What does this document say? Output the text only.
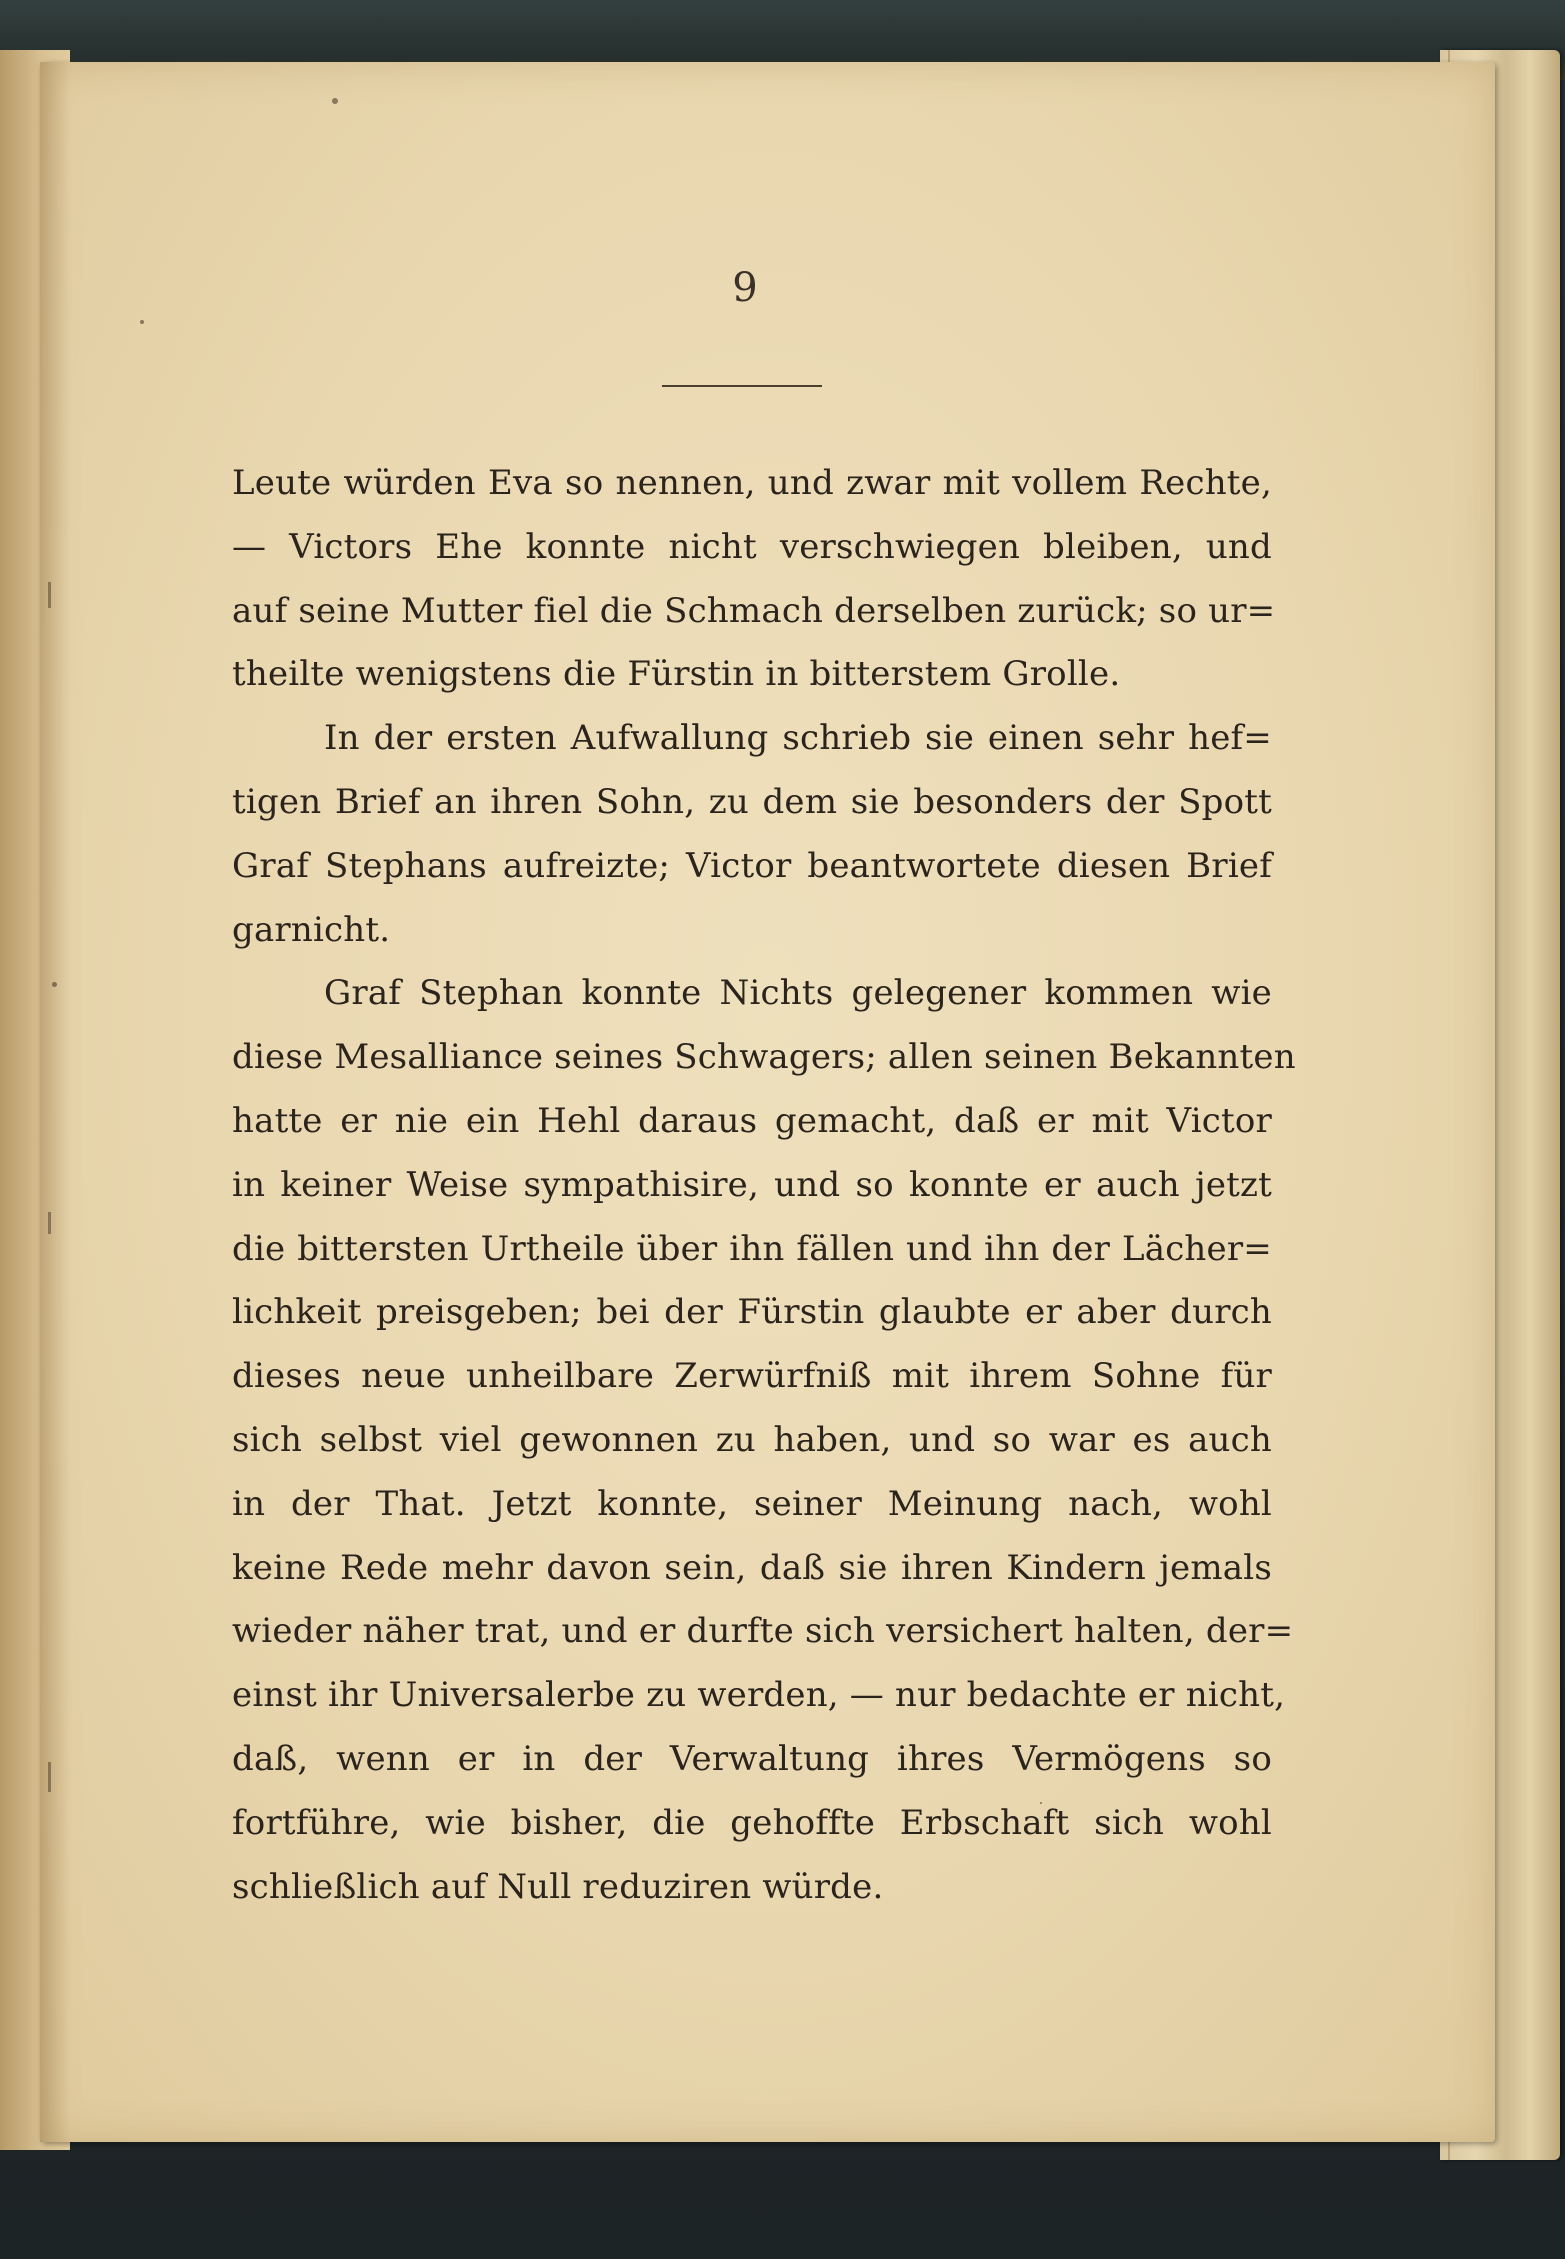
9
Leute würden Eva so nennen, und zwar mit vollem Rechte,
— Victors Ehe konnte nicht verschwiegen bleiben, und
auf seine Mutter fiel die Schmach derselben zurück; so ur=
theilte wenigstens die Fürstin in bitterstem Grolle.
In der ersten Aufwallung schrieb sie einen sehr hef=
tigen Brief an ihren Sohn, zu dem sie besonders der Spott
Graf Stephans aufreizte; Victor beantwortete diesen Brief
garnicht.
Graf Stephan konnte Nichts gelegener kommen wie
diese Mesalliance seines Schwagers; allen seinen Bekannten
hatte er nie ein Hehl daraus gemacht, daß er mit Victor
in keiner Weise sympathisire, und so konnte er auch jetzt
die bittersten Urtheile über ihn fällen und ihn der Lächer=
lichkeit preisgeben; bei der Fürstin glaubte er aber durch
dieses neue unheilbare Zerwürfniß mit ihrem Sohne für
sich selbst viel gewonnen zu haben, und so war es auch
in der That. Jetzt konnte, seiner Meinung nach, wohl
keine Rede mehr davon sein, daß sie ihren Kindern jemals
wieder näher trat, und er durfte sich versichert halten, der=
einst ihr Universalerbe zu werden, — nur bedachte er nicht,
daß, wenn er in der Verwaltung ihres Vermögens so
fortführe, wie bisher, die gehoffte Erbschaft sich wohl
schließlich auf Null reduziren würde.
